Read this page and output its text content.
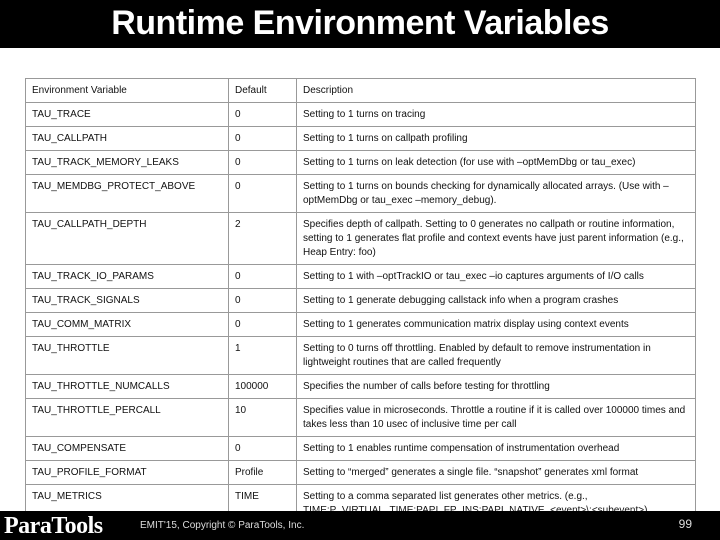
Runtime Environment Variables
Environment Variable	Default	Description
TAU_TRACE	0	Setting to 1 turns on tracing
TAU_CALLPATH	0	Setting to 1 turns on callpath profiling
TAU_TRACK_MEMORY_LEAKS	0	Setting to 1 turns on leak detection (for use with –optMemDbg or tau_exec)
TAU_MEMDBG_PROTECT_ABOVE	0	Setting to 1 turns on bounds checking for dynamically allocated arrays. (Use with –optMemDbg or tau_exec –memory_debug).
TAU_CALLPATH_DEPTH	2	Specifies depth of callpath. Setting to 0 generates no callpath or routine information, setting to 1 generates flat profile and context events have just parent information (e.g., Heap Entry: foo)
TAU_TRACK_IO_PARAMS	0	Setting to 1 with –optTrackIO or tau_exec –io captures arguments of I/O calls
TAU_TRACK_SIGNALS	0	Setting to 1 generate debugging callstack info when a program crashes
TAU_COMM_MATRIX	0	Setting to 1 generates communication matrix display using context events
TAU_THROTTLE	1	Setting to 0 turns off throttling. Enabled by default to remove instrumentation in lightweight routines that are called frequently
TAU_THROTTLE_NUMCALLS	100000	Specifies the number of calls before testing for throttling
TAU_THROTTLE_PERCALL	10	Specifies value in microseconds. Throttle a routine if it is called over 100000 times and takes less than 10 usec of inclusive time per call
TAU_COMPENSATE	0	Setting to 1 enables runtime compensation of instrumentation overhead
TAU_PROFILE_FORMAT	Profile	Setting to “merged” generates a single file. “snapshot” generates xml format
TAU_METRICS	TIME	Setting to a comma separated list generates other metrics. (e.g.,
ParaTools	EMIT'15, Copyright © ParaTools, Inc.	99
